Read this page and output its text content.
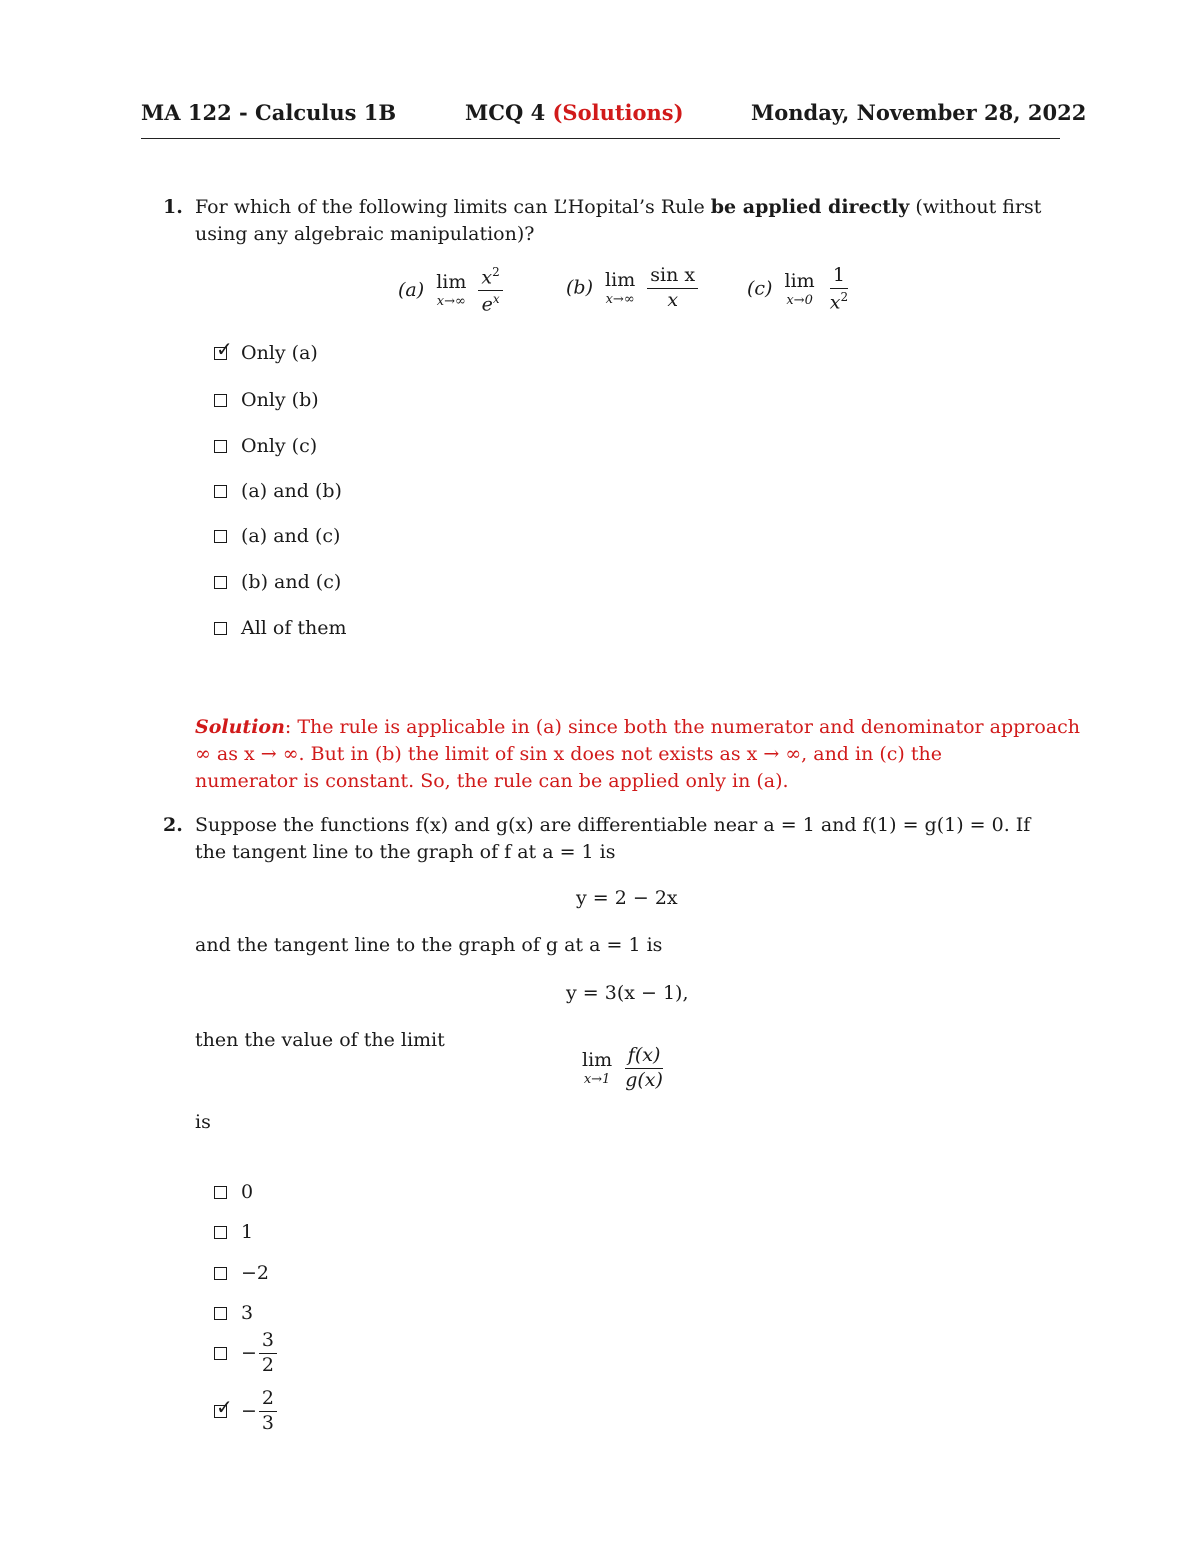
MA 122 - Calculus 1B	MCQ 4 (Solutions)	Monday, November 28, 2022
1. For which of the following limits can L’Hopital’s Rule be applied directly (without first
using any algebraic manipulation)?
(a) lim
x→∞
$\frac{x^2}{e^x}$	(b) lim
x→∞
$\frac{\text{sin x}}{x}$	(c) lim
x→0
$\frac{1}{x^2}$
✓ Only (a)
Only (b)
Only (c)
(a) and (b)
(a) and (c)
(b) and (c)
All of them
Solution: The rule is applicable in (a) since both the numerator and denominator approach
∞ as x → ∞. But in (b) the limit of sin x does not exists as x → ∞, and in (c) the
numerator is constant. So, the rule can be applied only in (a).
2. Suppose the functions f(x) and g(x) are differentiable near a = 1 and f(1) = g(1) = 0. If
the tangent line to the graph of f at a = 1 is
y = 2 − 2x
and the tangent line to the graph of g at a = 1 is
y = 3(x − 1),
then the value of the limit
lim
x→1
$\frac{f(x)}{g(x)}$
is
0
1
−2
3
− $\frac{3}{2}$
✓ − $\frac{2}{3}$
